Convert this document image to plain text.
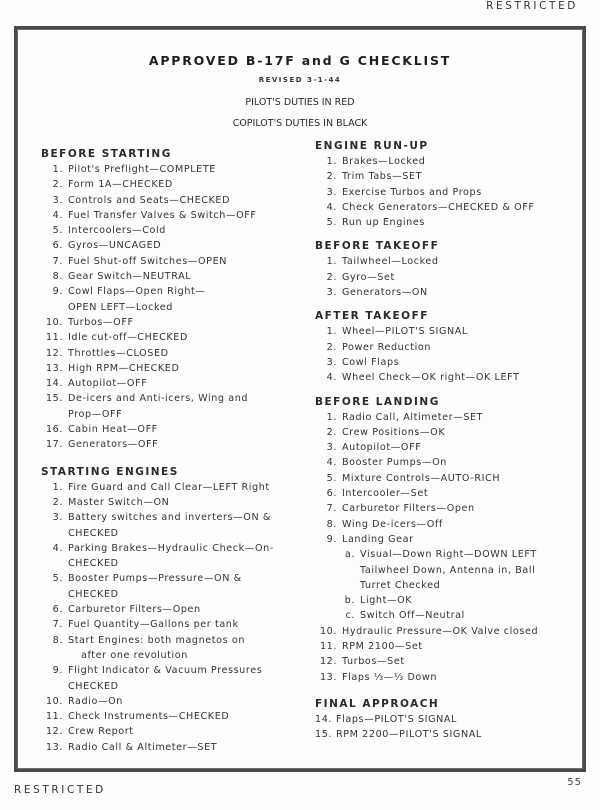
RESTRICTED
APPROVED B-17F and G CHECKLIST
REVISED 3-1-44
PILOT'S DUTIES IN RED
COPILOT'S DUTIES IN BLACK
BEFORE STARTING
1. Pilot's Preflight—COMPLETE
2. Form 1A—CHECKED
3. Controls and Seats—CHECKED
4. Fuel Transfer Valves & Switch—OFF
5. Intercoolers—Cold
6. Gyros—UNCAGED
7. Fuel Shut-off Switches—OPEN
8. Gear Switch—NEUTRAL
9. Cowl Flaps—Open Right—
OPEN LEFT—Locked
10. Turbos—OFF
11. Idle cut-off—CHECKED
12. Throttles—CLOSED
13. High RPM—CHECKED
14. Autopilot—OFF
15. De-icers and Anti-icers, Wing and
Prop—OFF
16. Cabin Heat—OFF
17. Generators—OFF
STARTING ENGINES
1. Fire Guard and Call Clear—LEFT Right
2. Master Switch—ON
3. Battery switches and inverters—ON &
CHECKED
4. Parking Brakes—Hydraulic Check—On-
CHECKED
5. Booster Pumps—Pressure—ON &
CHECKED
6. Carburetor Filters—Open
7. Fuel Quantity—Gallons per tank
8. Start Engines: both magnetos on
after one revolution
9. Flight Indicator & Vacuum Pressures
CHECKED
10. Radio—On
11. Check Instruments—CHECKED
12. Crew Report
13. Radio Call & Altimeter—SET
ENGINE RUN-UP
1. Brakes—Locked
2. Trim Tabs—SET
3. Exercise Turbos and Props
4. Check Generators—CHECKED & OFF
5. Run up Engines
BEFORE TAKEOFF
1. Tailwheel—Locked
2. Gyro—Set
3. Generators—ON
AFTER TAKEOFF
1. Wheel—PILOT'S SIGNAL
2. Power Reduction
3. Cowl Flaps
4. Wheel Check—OK right—OK LEFT
BEFORE LANDING
1. Radio Call, Altimeter—SET
2. Crew Positions—OK
3. Autopilot—OFF
4. Booster Pumps—On
5. Mixture Controls—AUTO-RICH
6. Intercooler—Set
7. Carburetor Filters—Open
8. Wing De-icers—Off
9. Landing Gear
a. Visual—Down Right—DOWN LEFT
Tailwheel Down, Antenna in, Ball
Turret Checked
b. Light—OK
c. Switch Off—Neutral
10. Hydraulic Pressure—OK Valve closed
11. RPM 2100—Set
12. Turbos—Set
13. Flaps ⅓—⅓ Down
FINAL APPROACH
14. Flaps—PILOT'S SIGNAL
15. RPM 2200—PILOT'S SIGNAL
RESTRICTED
55
